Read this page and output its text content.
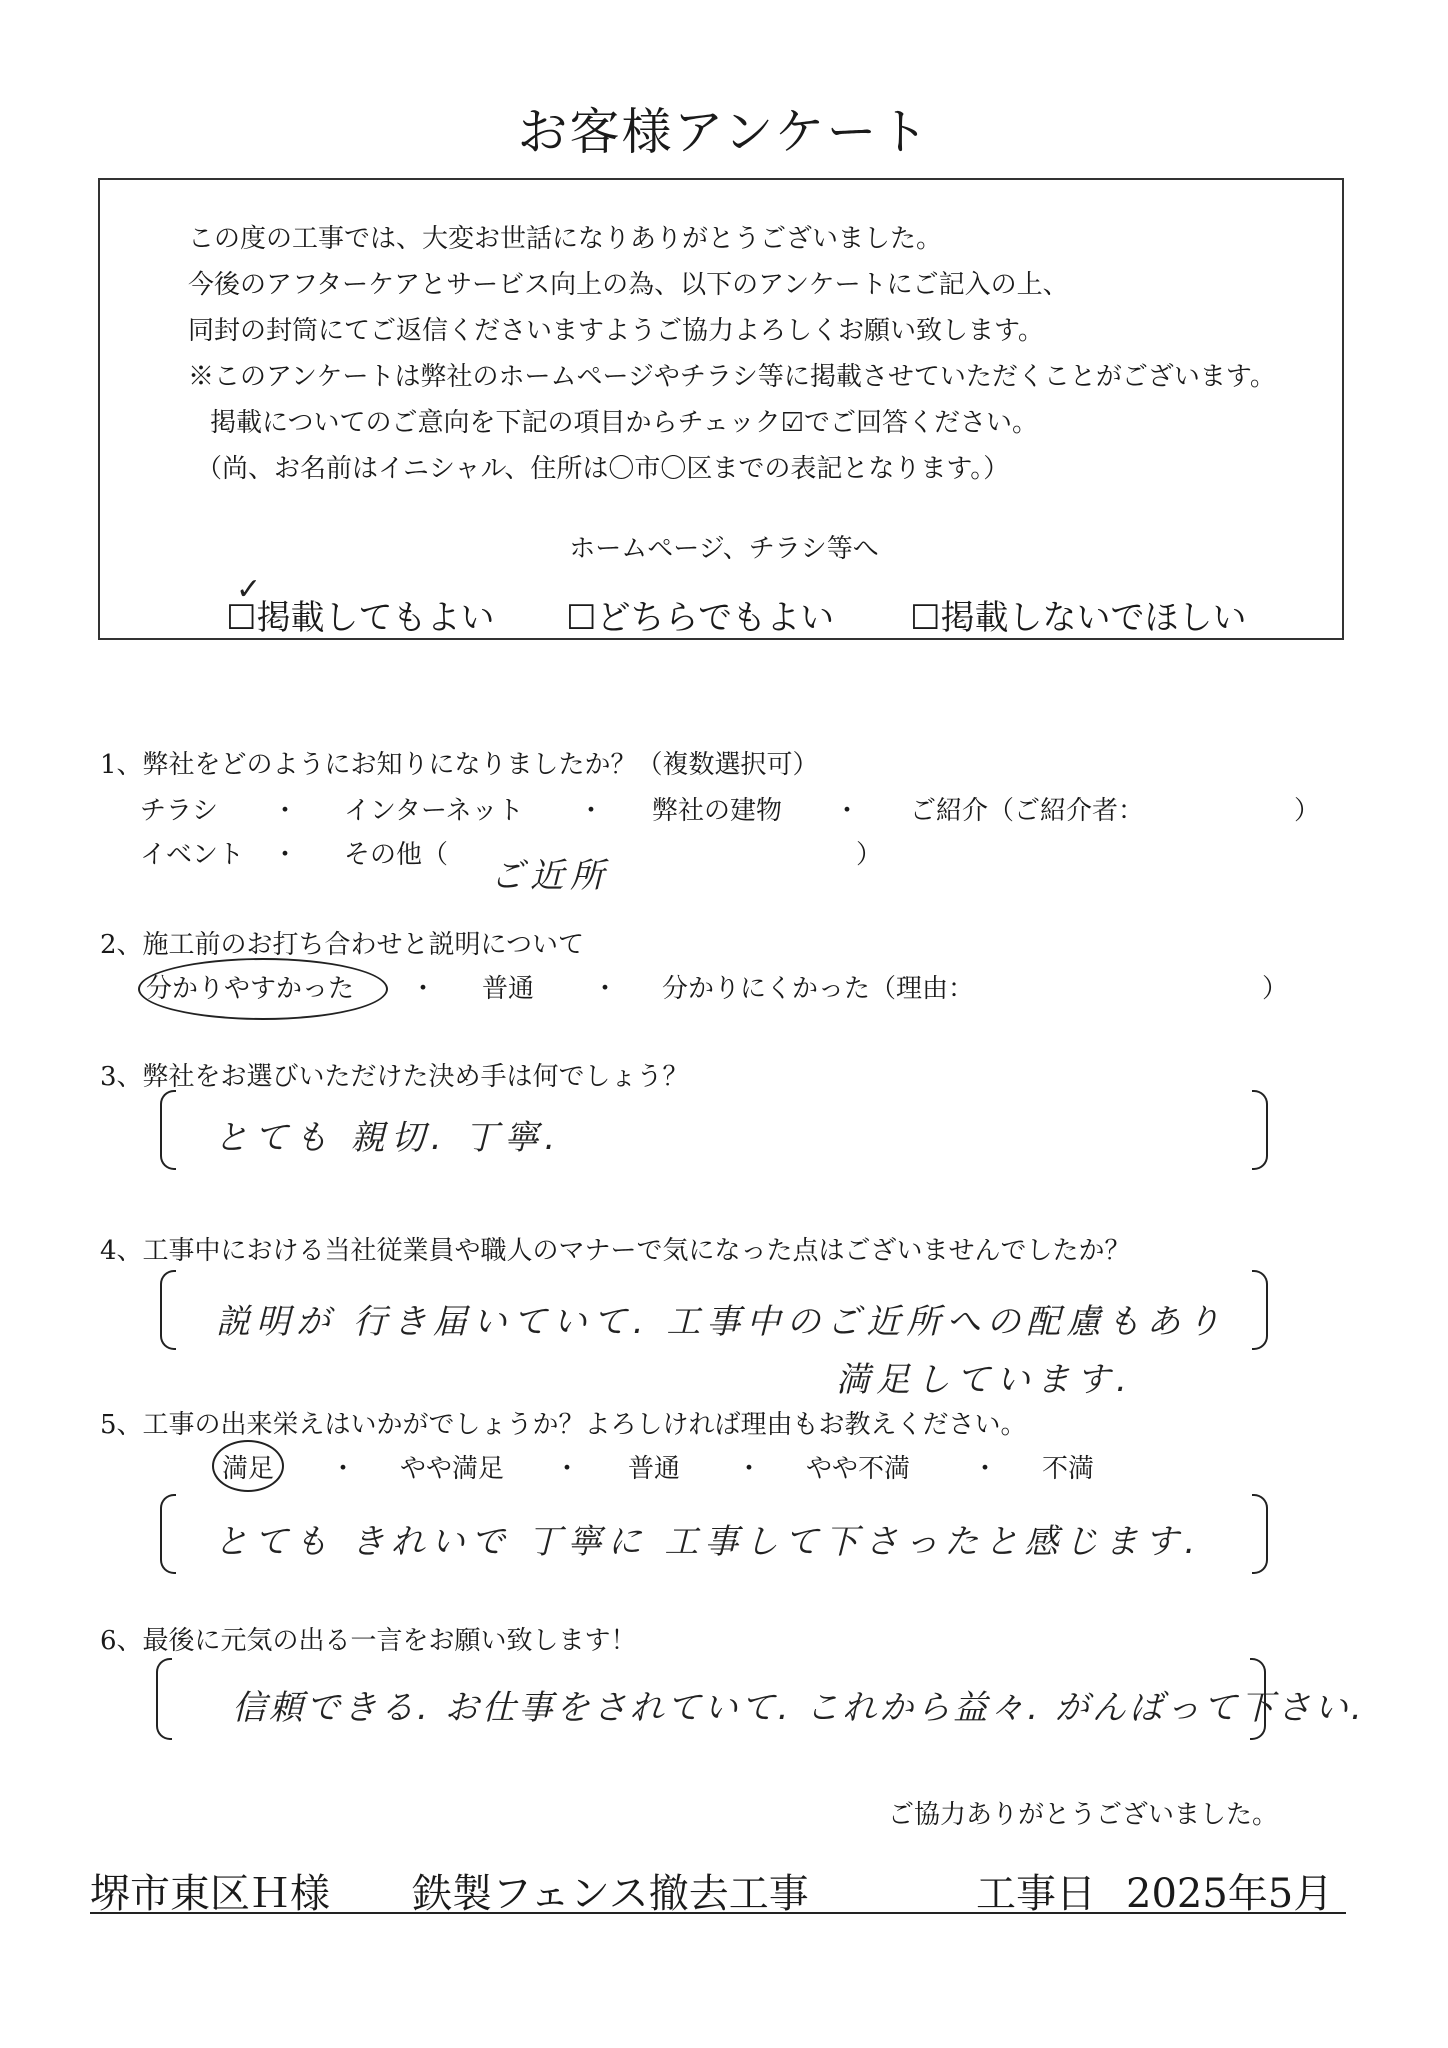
お客様アンケート
この度の工事では、大変お世話になりありがとうございました。
今後のアフターケアとサービス向上の為、以下のアンケートにご記入の上、
同封の封筒にてご返信くださいますようご協力よろしくお願い致します。
※このアンケートは弊社のホームページやチラシ等に掲載させていただくことがございます。
掲載についてのご意向を下記の項目からチェック☑でご回答ください。
（尚、お名前はイニシャル、住所は〇市〇区までの表記となります。）
ホームページ、チラシ等へ
☐掲載してもよい
✓
☐どちらでもよい ☐掲載しないでほしい
1、弊社をどのようにお知りになりましたか？（複数選択可）
チラシ ・ インターネット ・ 弊社の建物 ・ ご紹介（ご紹介者：	）
イベント ・ その他（
ご近所
）
2、施工前のお打ち合わせと説明について
分かりやすかった ・ 普通 ・ 分かりにくかった（理由：	）
3、弊社をお選びいただけた決め手は何でしょう？
とても 親切. 丁寧.
4、工事中における当社従業員や職人のマナーで気になった点はございませんでしたか？
説明が 行き届いていて. 工事中のご近所への配慮もあり
満足しています.
5、工事の出来栄えはいかがでしょうか？よろしければ理由もお教えください。
満足 ・ やや満足 ・ 普通 ・ やや不満 ・ 不満
とても きれいで 丁寧に 工事して下さったと感じます.
6、最後に元気の出る一言をお願い致します！
信頼できる. お仕事をされていて. これから益々. がんばって下さい.
ご協力ありがとうございました。
堺市東区Ｈ様 鉄製フェンス撤去工事	工事日 2025年5月
